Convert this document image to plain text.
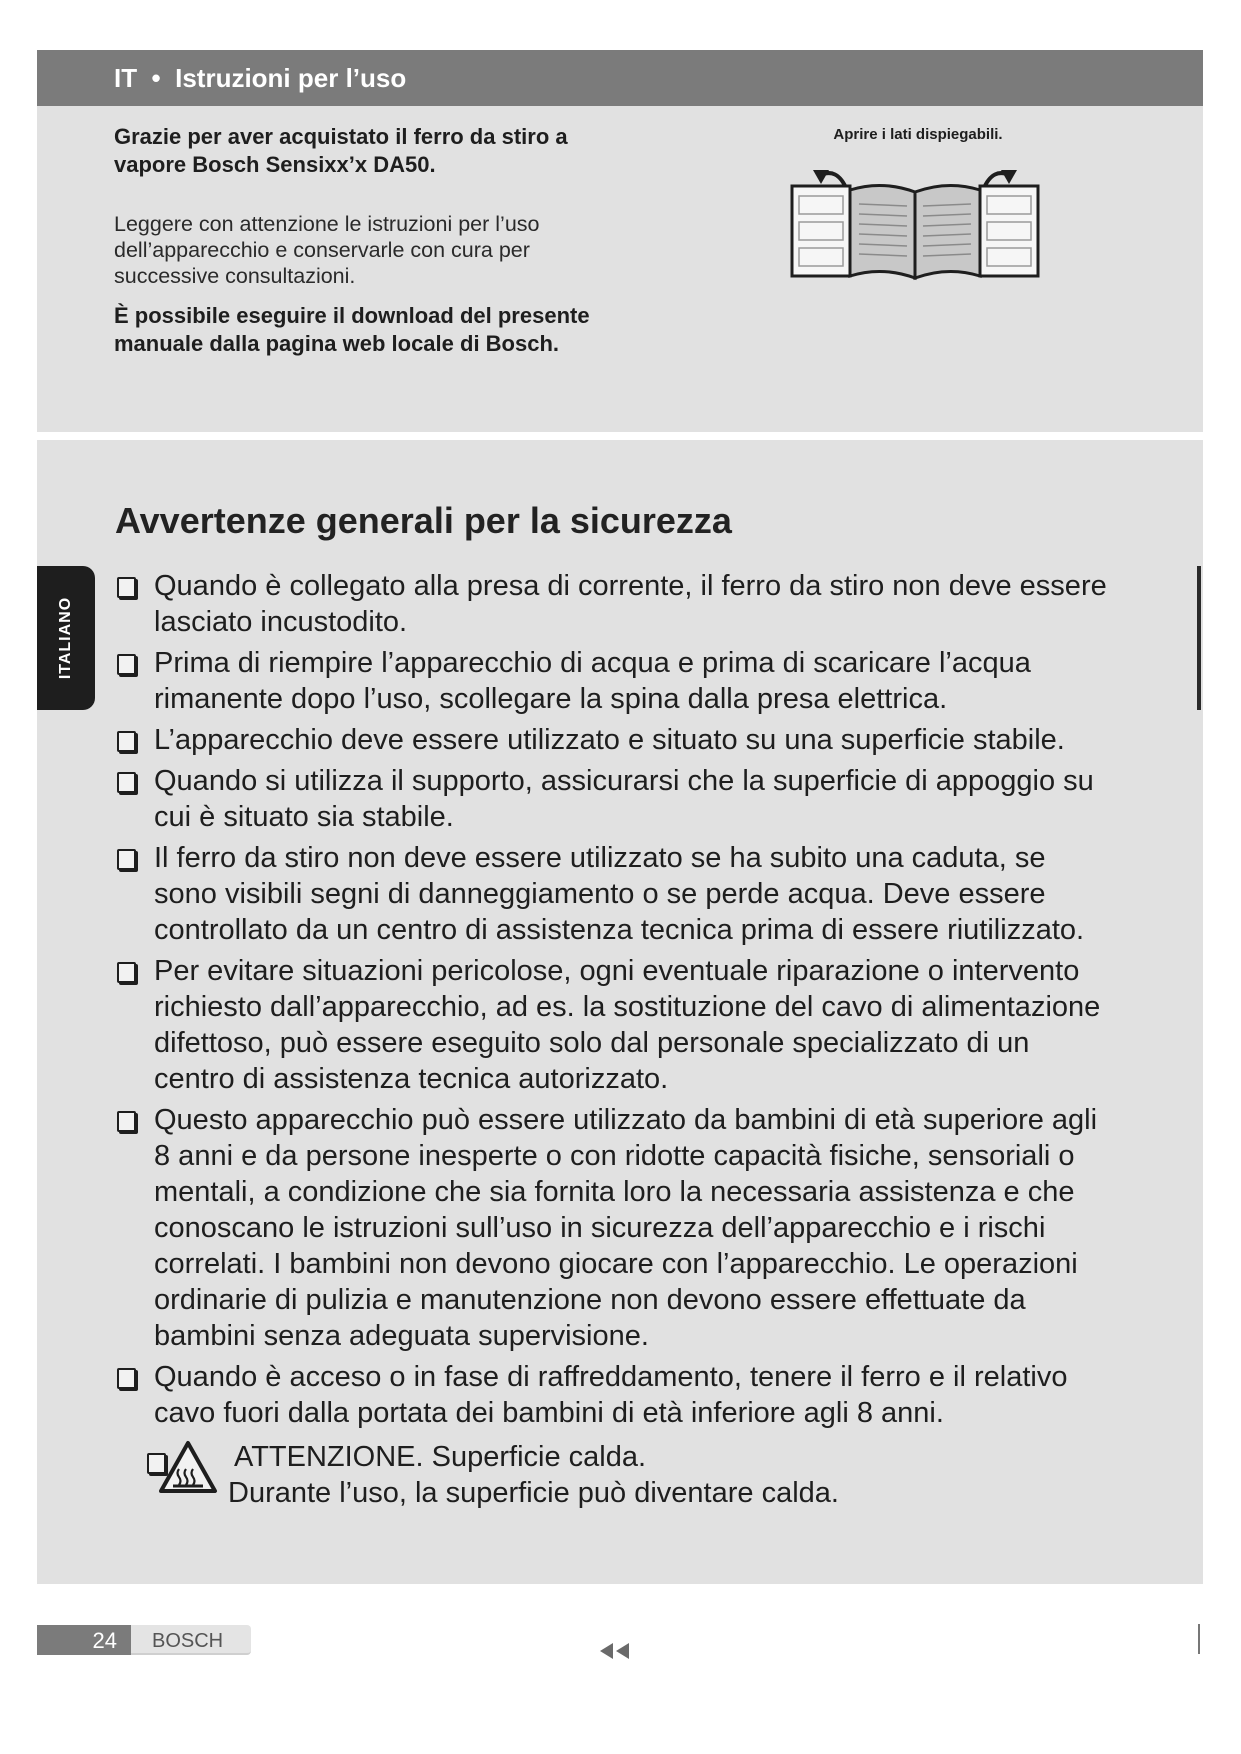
IT  •  Istruzioni per l’uso

Grazie per aver acquistato il ferro da stiro a vapore Bosch Sensixx’x DA50.

Leggere con attenzione le istruzioni per l’uso dell’apparecchio e conservarle con cura per successive consultazioni.

È possibile eseguire il download del presente manuale dalla pagina web locale di Bosch.

Aprire i lati dispiegabili.

ITALIANO
Avvertenze generali per la sicurezza
Quando è collegato alla presa di corrente, il ferro da stiro non deve essere lasciato incustodito.
Prima di riempire l’apparecchio di acqua e prima di scaricare l’acqua rimanente dopo l’uso, scollegare la spina dalla presa elettrica.
L’apparecchio deve essere utilizzato e situato su una superficie stabile.
Quando si utilizza il supporto, assicurarsi che la superficie di appoggio su cui è situato sia stabile.
Il ferro da stiro non deve essere utilizzato se ha subito una caduta, se sono visibili segni di danneggiamento o se perde acqua. Deve essere controllato da un centro di assistenza tecnica prima di essere riutilizzato.
Per evitare situazioni pericolose, ogni eventuale riparazione o intervento richiesto dall’apparecchio, ad es. la sostituzione del cavo di alimentazione difettoso, può essere eseguito solo dal personale specializzato di un centro di assistenza tecnica autorizzato.
Questo apparecchio può essere utilizzato da bambini di età superiore agli 8 anni e da persone inesperte o con ridotte capacità fisiche, sensoriali o mentali, a condizione che sia fornita loro la necessaria assistenza e che conoscano le istruzioni sull’uso in sicurezza dell’apparecchio e i rischi correlati. I bambini non devono giocare con l’apparecchio. Le operazioni ordinarie di pulizia e manutenzione non devono essere effettuate da bambini senza adeguata supervisione.
Quando è acceso o in fase di raffreddamento, tenere il ferro e il relativo cavo fuori dalla portata dei bambini di età inferiore agli 8 anni.
ATTENZIONE. Superficie calda.
Durante l’uso, la superficie può diventare calda.
24	BOSCH
